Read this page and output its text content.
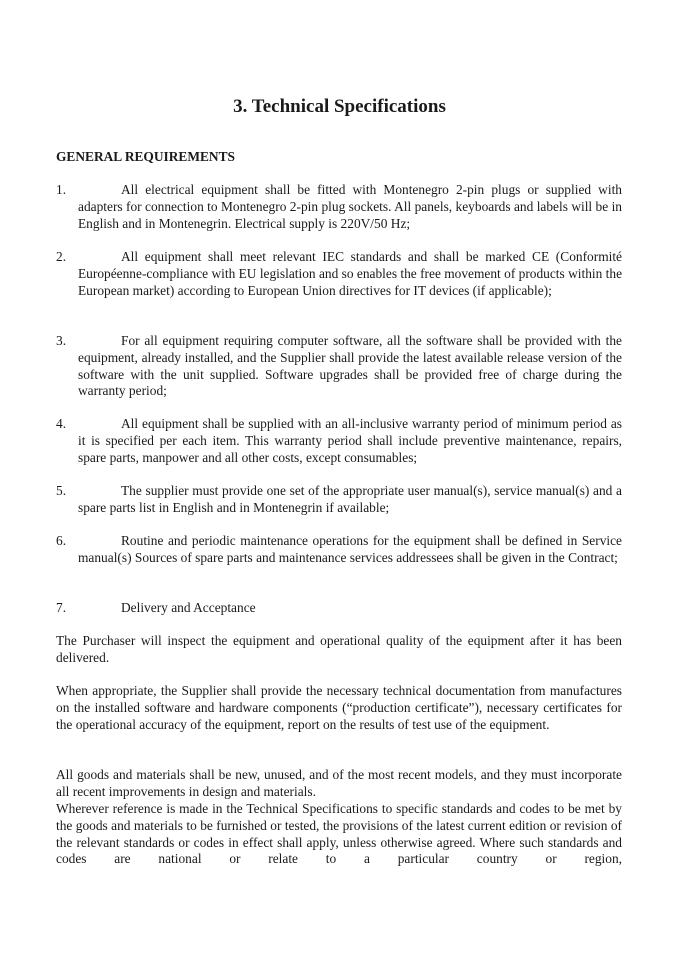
3. Technical Specifications
GENERAL REQUIREMENTS

1.	All electrical equipment shall be fitted with Montenegro 2-pin plugs or supplied with adapters for connection to Montenegro 2-pin plug sockets. All panels, keyboards and labels will be in English and in Montenegrin. Electrical supply is 220V/50 Hz;

2.	All equipment shall meet relevant IEC standards and shall be marked CE (Conformité Européenne-compliance with EU legislation and so enables the free movement of products within the European market) according to European Union directives for IT devices (if applicable);

3.	For all equipment requiring computer software, all the software shall be provided with the equipment, already installed, and the Supplier shall provide the latest available release version of the software with the unit supplied. Software upgrades shall be provided free of charge during the warranty period;

4.	All equipment shall be supplied with an all-inclusive warranty period of minimum period as it is specified per each item. This warranty period shall include preventive maintenance, repairs, spare parts, manpower and all other costs, except consumables;

5.	The supplier must provide one set of the appropriate user manual(s), service manual(s) and a spare parts list in English and in Montenegrin if available;

6.	Routine and periodic maintenance operations for the equipment shall be defined in Service manual(s) Sources of spare parts and maintenance services addressees shall be given in the Contract;

7.	Delivery and Acceptance

The Purchaser will inspect the equipment and operational quality of the equipment after it has been delivered.

When appropriate, the Supplier shall provide the necessary technical documentation from manufactures on the installed software and hardware components (“production certificate”), necessary certificates for the operational accuracy of the equipment, report on the results of test use of the equipment.

All goods and materials shall be new, unused, and of the most recent models, and they must incorporate all recent improvements in design and materials.

Wherever reference is made in the Technical Specifications to specific standards and codes to be met by the goods and materials to be furnished or tested, the provisions of the latest current edition or revision of the relevant standards or codes in effect shall apply, unless otherwise agreed. Where such standards and codes are national or relate to a particular country or region,
